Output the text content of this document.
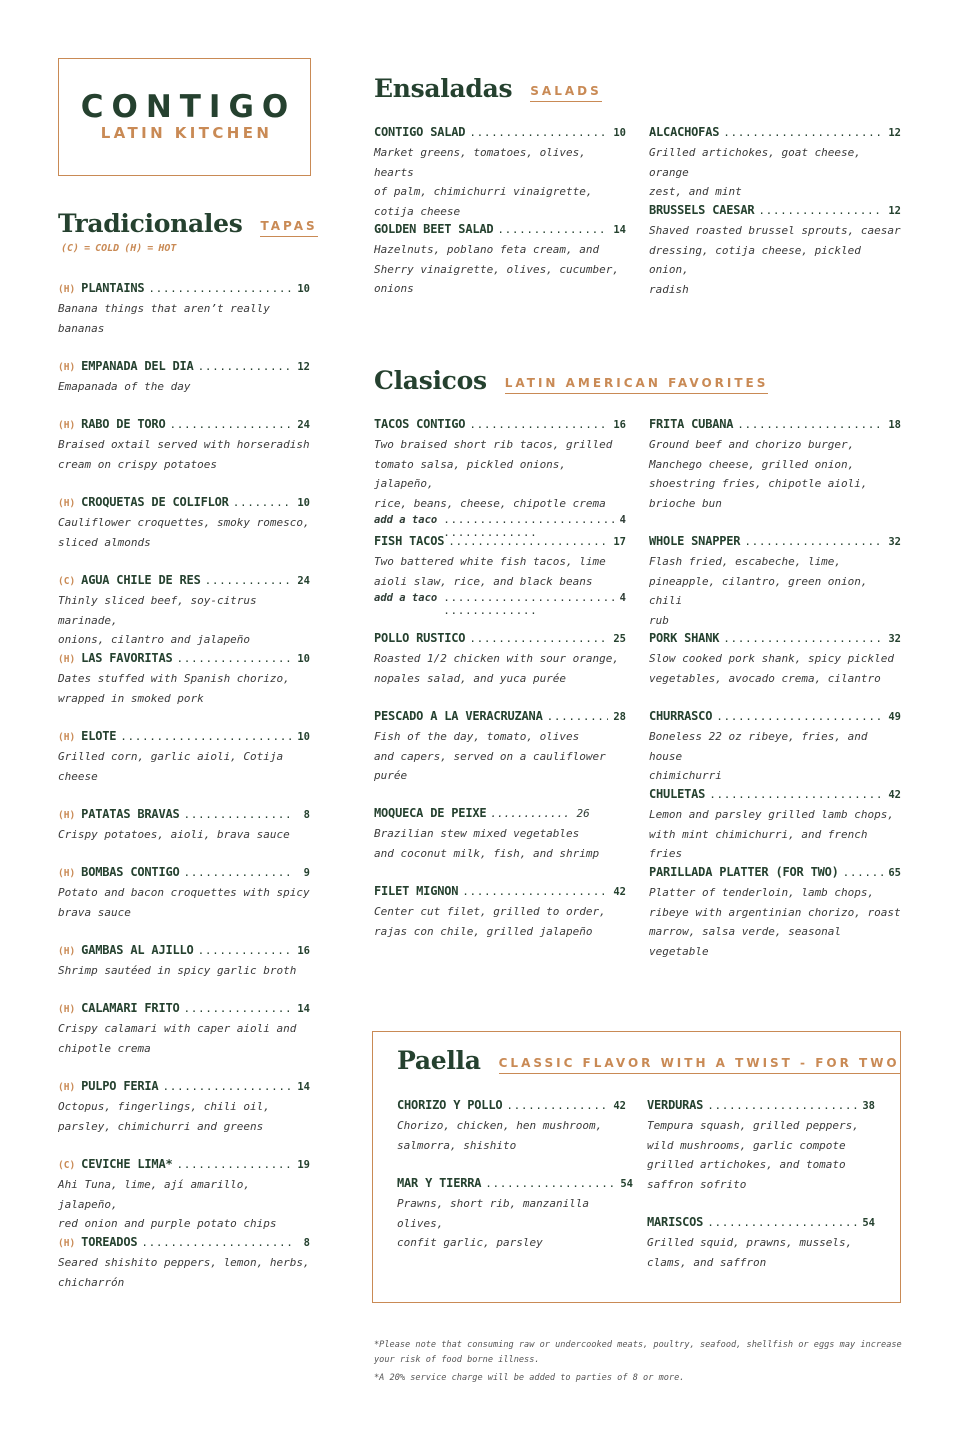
CONTIGO
LATIN KITCHEN
Tradicionales TAPAS
(C) = COLD (H) = HOT
Ensaladas SALADS
Clasicos LATIN AMERICAN FAVORITES
Paella CLASSIC FLAVOR WITH A TWIST - FOR TWO
(H) PLANTAINS . . .	10
Banana things that aren’t really
bananas
(H) EMPANADA DEL DIA . . .	12
Emapanada of the day
(H) RABO DE TORO . . .	24
Braised oxtail served with horseradish
cream on crispy potatoes
(H) CROQUETAS DE COLIFLOR . . .	10
Cauliflower croquettes, smoky romesco,
sliced almonds
(C) AGUA CHILE DE RES . . .	24
Thinly sliced beef, soy-citrus marinade,
onions, cilantro and jalapeño
(H) LAS FAVORITAS . . .	10
Dates stuffed with Spanish chorizo,
wrapped in smoked pork
(H) ELOTE . . .	10
Grilled corn, garlic aioli, Cotija
cheese
(H) PATATAS BRAVAS . . .	8
Crispy potatoes, aioli, brava sauce
(H) BOMBAS CONTIGO . . .	9
Potato and bacon croquettes with spicy
brava sauce
(H) GAMBAS AL AJILLO . . .	16
Shrimp sautéed in spicy garlic broth
(H) CALAMARI FRITO . . .	14
Crispy calamari with caper aioli and
chipotle crema
(H) PULPO FERIA . . .	14
Octopus, fingerlings, chili oil,
parsley, chimichurri and greens
(C) CEVICHE LIMA* . . .	19
Ahi Tuna, lime, ají amarillo, jalapeño,
red onion and purple potato chips
(H) TOREADOS . . .	8
Seared shishito peppers, lemon, herbs,
chicharrón
CONTIGO SALAD . . .	10
Market greens, tomatoes, olives, hearts
of palm, chimichurri vinaigrette,
cotija cheese
GOLDEN BEET SALAD . . .	14
Hazelnuts, poblano feta cream, and
Sherry vinaigrette, olives, cucumber,
onions
ALCACHOFAS . . .	12
Grilled artichokes, goat cheese, orange
zest, and mint
BRUSSELS CAESAR . . .	12
Shaved roasted brussel sprouts, caesar
dressing, cotija cheese, pickled onion,
radish
TACOS CONTIGO . . .	16
Two braised short rib tacos, grilled
tomato salsa, pickled onions, jalapeño,
rice, beans, cheese, chipotle crema
add a taco . . .	4
FISH TACOS . . .	17
Two battered white fish tacos, lime
aioli slaw, rice, and black beans
add a taco . . .	4
POLLO RUSTICO . . .	25
Roasted 1/2 chicken with sour orange,
nopales salad, and yuca purée
PESCADO A LA VERACRUZANA . . .	28
Fish of the day, tomato, olives
and capers, served on a cauliflower
purée
MOQUECA DE PEIXE ............ 26
Brazilian stew mixed vegetables
and coconut milk, fish, and shrimp
FILET MIGNON . . .	42
Center cut filet, grilled to order,
rajas con chile, grilled jalapeño
FRITA CUBANA . . .	18
Ground beef and chorizo burger,
Manchego cheese, grilled onion,
shoestring fries, chipotle aioli,
brioche bun
WHOLE SNAPPER . . .	32
Flash fried, escabeche, lime,
pineapple, cilantro, green onion, chili
rub
PORK SHANK . . .	32
Slow cooked pork shank, spicy pickled
vegetables, avocado crema, cilantro
CHURRASCO . . .	49
Boneless 22 oz ribeye, fries, and house
chimichurri
CHULETAS . . .	42
Lemon and parsley grilled lamb chops,
with mint chimichurri, and french fries
PARILLADA PLATTER (FOR TWO) . . .	65
Platter of tenderloin, lamb chops,
ribeye with argentinian chorizo, roast
marrow, salsa verde, seasonal vegetable
CHORIZO Y POLLO . . .	42
Chorizo, chicken, hen mushroom,
salmorra, shishito
MAR Y TIERRA . . .	54
Prawns, short rib, manzanilla olives,
confit garlic, parsley
VERDURAS . . .	38
Tempura squash, grilled peppers,
wild mushrooms, garlic compote
grilled artichokes, and tomato
saffron sofrito
MARISCOS . . .	54
Grilled squid, prawns, mussels,
clams, and saffron
*Please note that consuming raw or undercooked meats, poultry, seafood, shellfish or eggs may increase
your risk of food borne illness.
*A 20% service charge will be added to parties of 8 or more.
